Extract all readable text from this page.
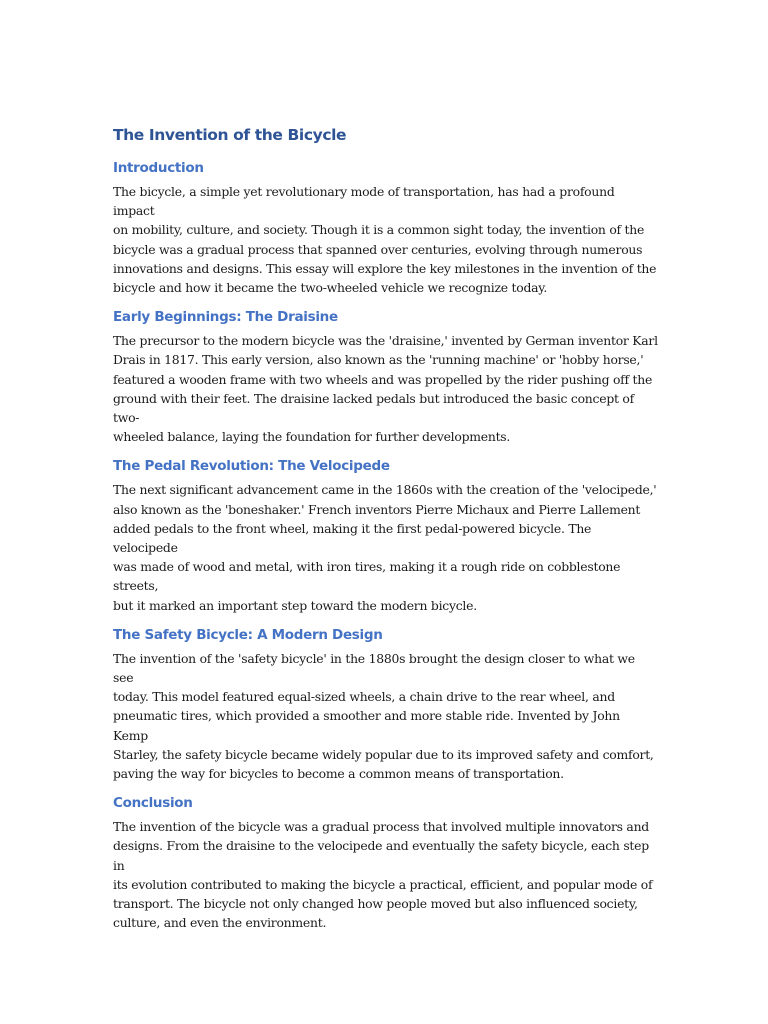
The Invention of the Bicycle
Introduction

The bicycle, a simple yet revolutionary mode of transportation, has had a profound impact
on mobility, culture, and society. Though it is a common sight today, the invention of the
bicycle was a gradual process that spanned over centuries, evolving through numerous
innovations and designs. This essay will explore the key milestones in the invention of the
bicycle and how it became the two-wheeled vehicle we recognize today.

Early Beginnings: The Draisine

The precursor to the modern bicycle was the 'draisine,' invented by German inventor Karl
Drais in 1817. This early version, also known as the 'running machine' or 'hobby horse,'
featured a wooden frame with two wheels and was propelled by the rider pushing off the
ground with their feet. The draisine lacked pedals but introduced the basic concept of two-
wheeled balance, laying the foundation for further developments.

The Pedal Revolution: The Velocipede

The next significant advancement came in the 1860s with the creation of the 'velocipede,'
also known as the 'boneshaker.' French inventors Pierre Michaux and Pierre Lallement
added pedals to the front wheel, making it the first pedal-powered bicycle. The velocipede
was made of wood and metal, with iron tires, making it a rough ride on cobblestone streets,
but it marked an important step toward the modern bicycle.

The Safety Bicycle: A Modern Design

The invention of the 'safety bicycle' in the 1880s brought the design closer to what we see
today. This model featured equal-sized wheels, a chain drive to the rear wheel, and
pneumatic tires, which provided a smoother and more stable ride. Invented by John Kemp
Starley, the safety bicycle became widely popular due to its improved safety and comfort,
paving the way for bicycles to become a common means of transportation.

Conclusion

The invention of the bicycle was a gradual process that involved multiple innovators and
designs. From the draisine to the velocipede and eventually the safety bicycle, each step in
its evolution contributed to making the bicycle a practical, efficient, and popular mode of
transport. The bicycle not only changed how people moved but also influenced society,
culture, and even the environment.
